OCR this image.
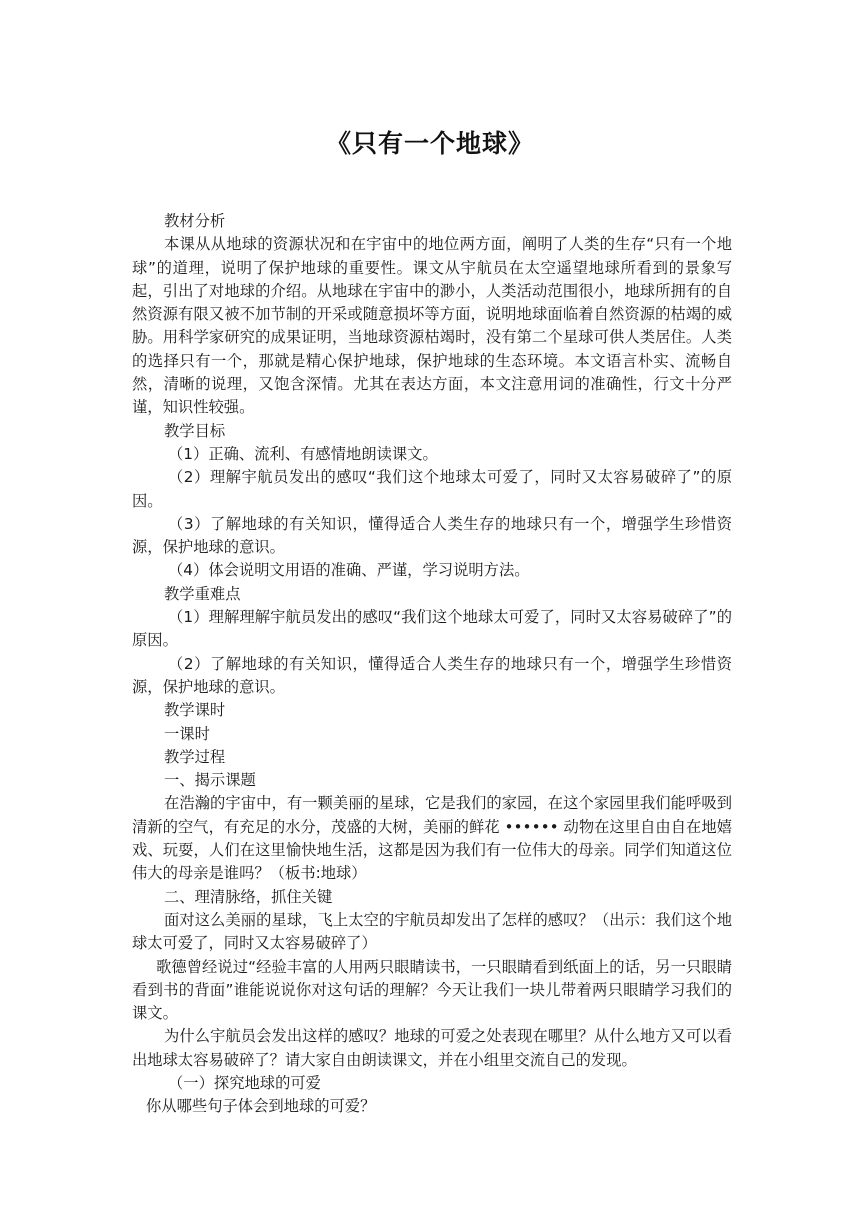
《只有一个地球》

教材分析

本课从从地球的资源状况和在宇宙中的地位两方面，阐明了人类的生存“只有一个地球”的道理，说明了保护地球的重要性。课文从宇航员在太空遥望地球所看到的景象写起，引出了对地球的介绍。从地球在宇宙中的渺小，人类活动范围很小，地球所拥有的自然资源有限又被不加节制的开采或随意损坏等方面，说明地球面临着自然资源的枯竭的威胁。用科学家研究的成果证明，当地球资源枯竭时，没有第二个星球可供人类居住。人类的选择只有一个，那就是精心保护地球，保护地球的生态环境。本文语言朴实、流畅自然，清晰的说理，又饱含深情。尤其在表达方面，本文注意用词的准确性，行文十分严谨，知识性较强。

教学目标

（1）正确、流利、有感情地朗读课文。

（2）理解宇航员发出的感叹“我们这个地球太可爱了，同时又太容易破碎了”的原因。

（3）了解地球的有关知识，懂得适合人类生存的地球只有一个，增强学生珍惜资源，保护地球的意识。

（4）体会说明文用语的准确、严谨，学习说明方法。

教学重难点

（1）理解理解宇航员发出的感叹“我们这个地球太可爱了，同时又太容易破碎了”的原因。

（2）了解地球的有关知识，懂得适合人类生存的地球只有一个，增强学生珍惜资源，保护地球的意识。

教学课时

一课时

教学过程

一、揭示课题

在浩瀚的宇宙中，有一颗美丽的星球，它是我们的家园，在这个家园里我们能呼吸到清新的空气，有充足的水分，茂盛的大树，美丽的鲜花 •••••• 动物在这里自由自在地嬉戏、玩耍，人们在这里愉快地生活，这都是因为我们有一位伟大的母亲。同学们知道这位伟大的母亲是谁吗？（板书:地球）

二、理清脉络，抓住关键

面对这么美丽的星球，飞上太空的宇航员却发出了怎样的感叹？（出示：我们这个地球太可爱了，同时又太容易破碎了）

歌德曾经说过“经验丰富的人用两只眼睛读书，一只眼睛看到纸面上的话，另一只眼睛看到书的背面”谁能说说你对这句话的理解？今天让我们一块儿带着两只眼睛学习我们的课文。

为什么宇航员会发出这样的感叹？地球的可爱之处表现在哪里？从什么地方又可以看出地球太容易破碎了？请大家自由朗读课文，并在小组里交流自己的发现。

（一）探究地球的可爱

你从哪些句子体会到地球的可爱？
